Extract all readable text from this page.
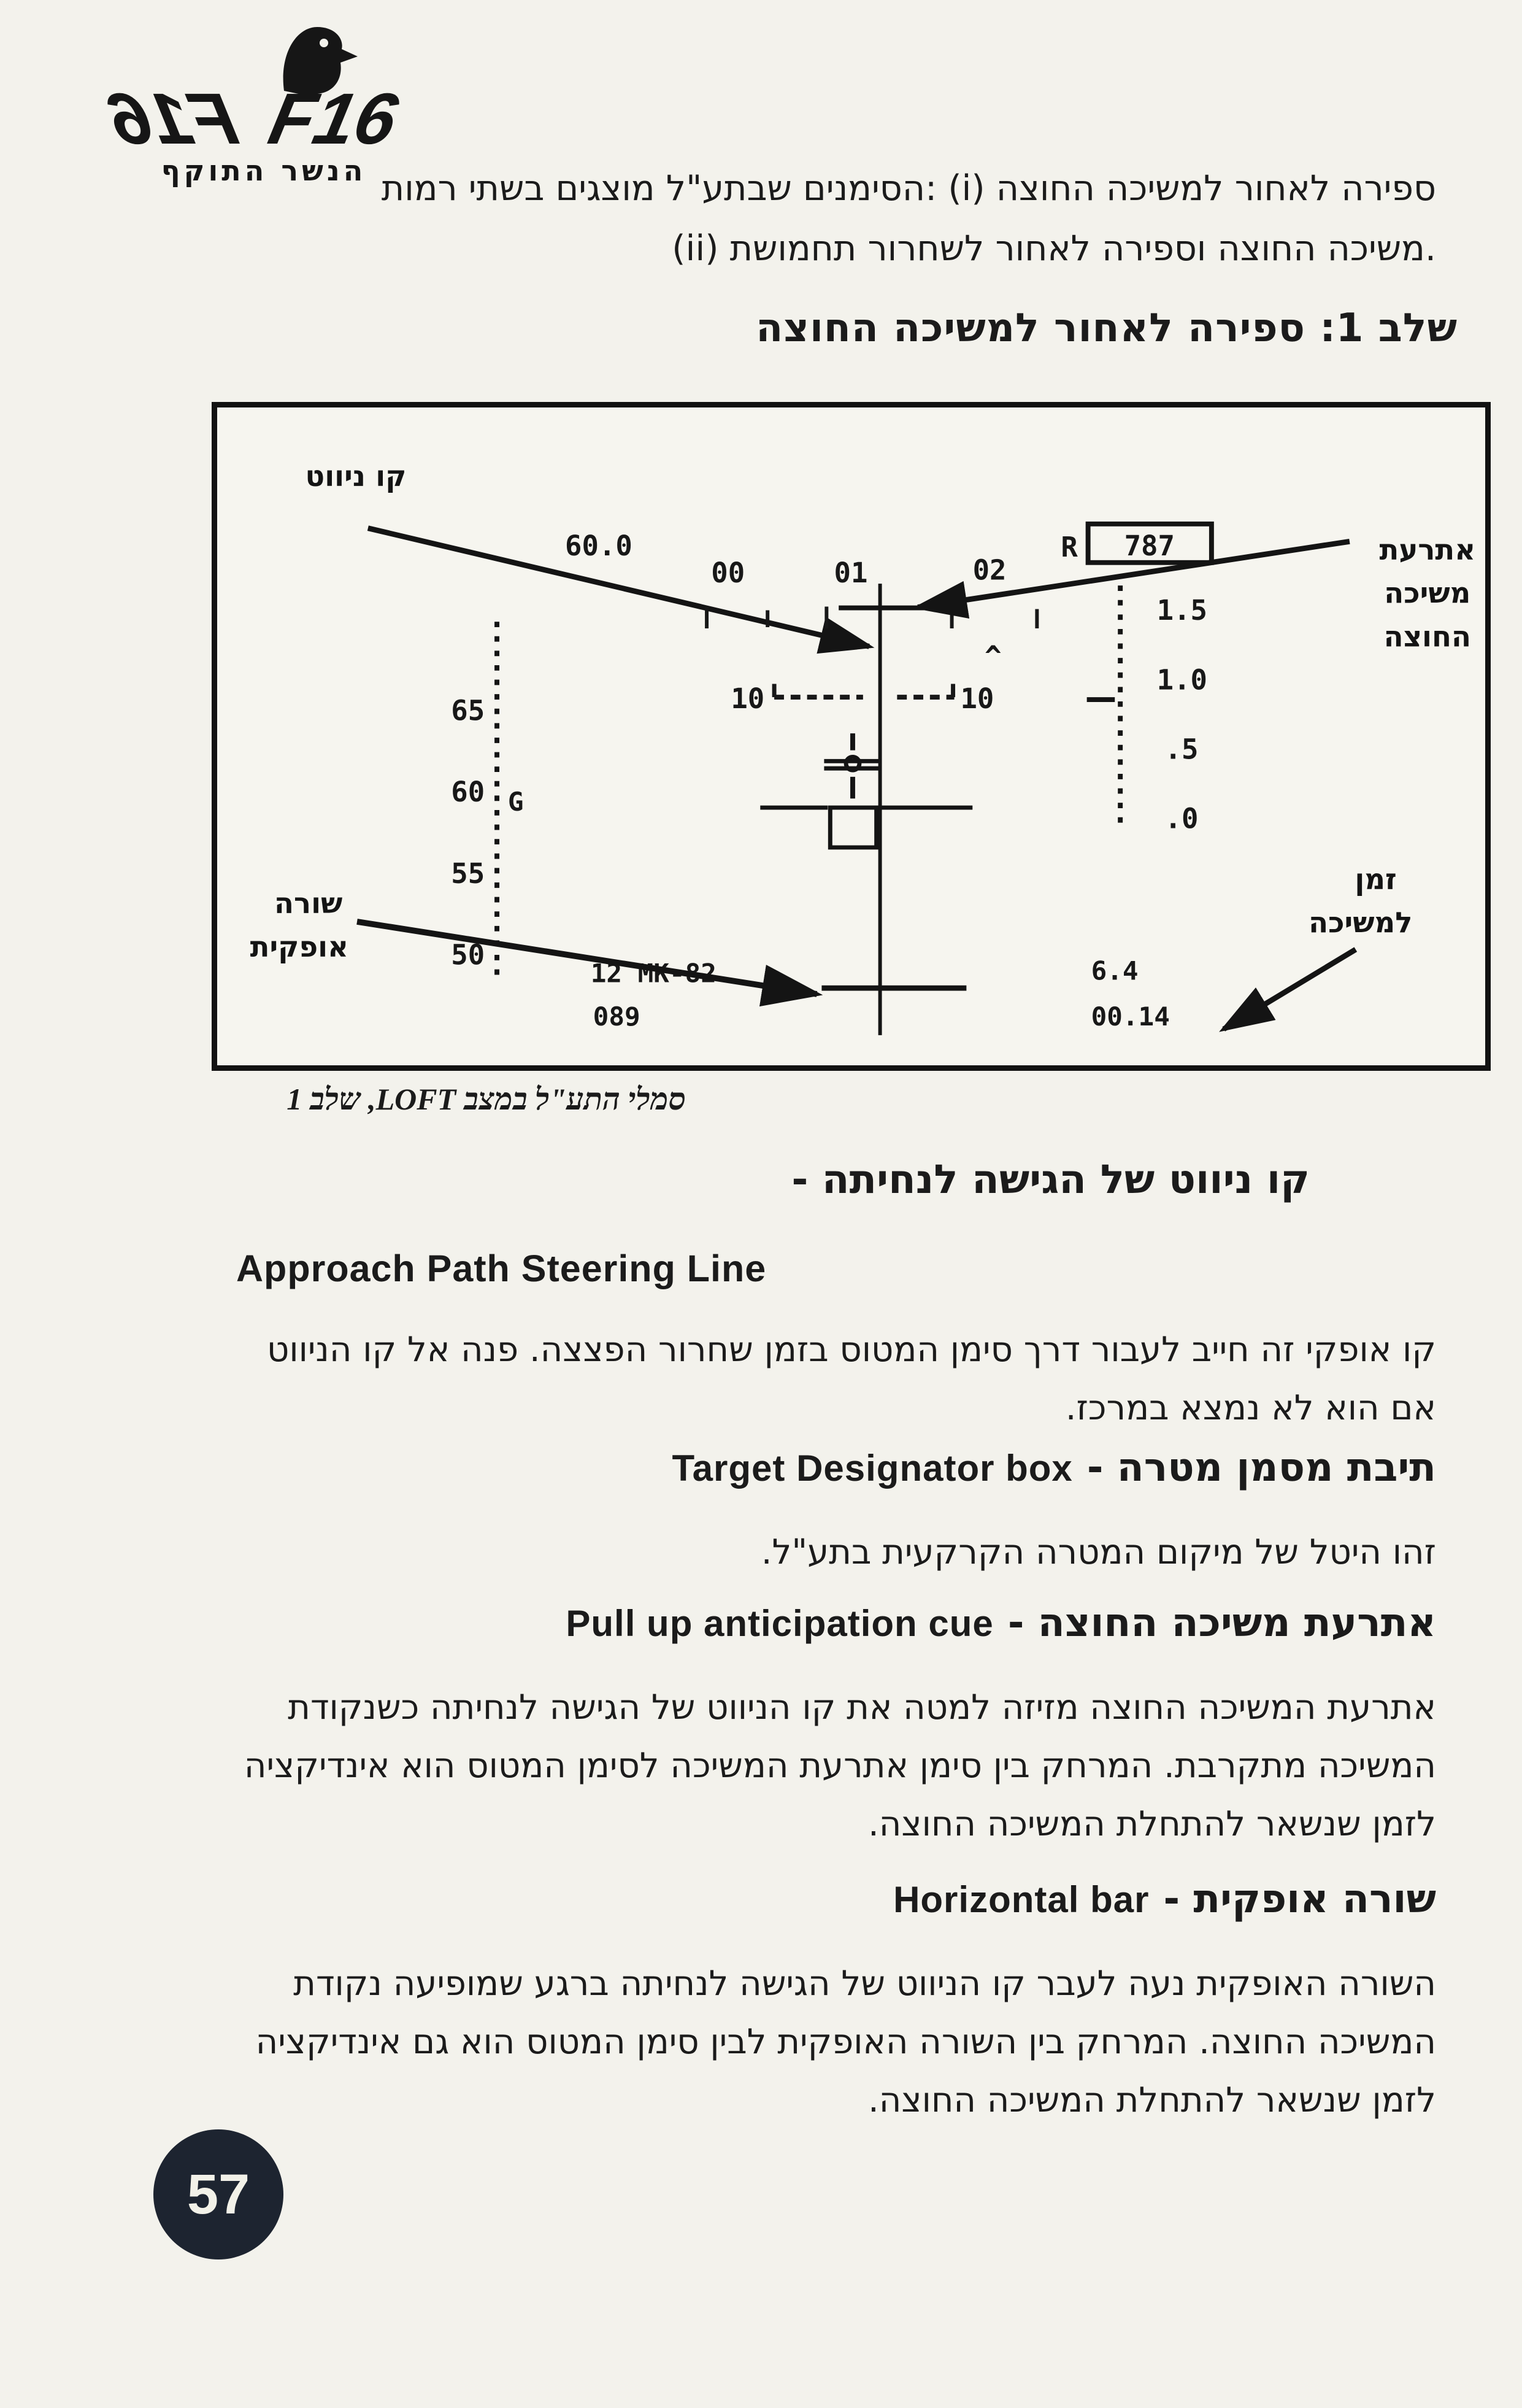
F16 F16
הנשר התוקף הסימנים שבתע"ל מוצגים בשתי רמות: (i) ספירה לאחור למשיכה החוצה
(ii) משיכה החוצה וספירה לאחור לשחרור תחמושת.
שלב 1: ספירה לאחור למשיכה החוצה
קו ניווט
60.0
00	01	02
R 787	אתרעת
משיכה
החוצה
10	10
^
65
60
55
50
G
1.5
1.0
.5
.0
12 MK-82
089
6.4
00.14
שורה
אופקית
זמן
למשיכה
סמלי התע"ל במצב LOFT, שלב 1
קו ניווט של הגישה לנחיתה -
Approach Path Steering Line
קו אופקי זה חייב לעבור דרך סימן המטוס בזמן שחרור הפצצה. פנה אל קו הניווט אם הוא לא נמצא במרכז.
תיבת מסמן מטרה - Target Designator box
זהו היטל של מיקום המטרה הקרקעית בתע"ל.
אתרעת משיכה החוצה - Pull up anticipation cue
אתרעת המשיכה החוצה מזיזה למטה את קו הניווט של הגישה לנחיתה כשנקודת המשיכה מתקרבת. המרחק בין סימן אתרעת המשיכה לסימן המטוס הוא אינדיקציה לזמן שנשאר להתחלת המשיכה החוצה.
שורה אופקית - Horizontal bar
השורה האופקית נעה לעבר קו הניווט של הגישה לנחיתה ברגע שמופיעה נקודת המשיכה החוצה. המרחק בין השורה האופקית לבין סימן המטוס הוא גם אינדיקציה לזמן שנשאר להתחלת המשיכה החוצה.
57
